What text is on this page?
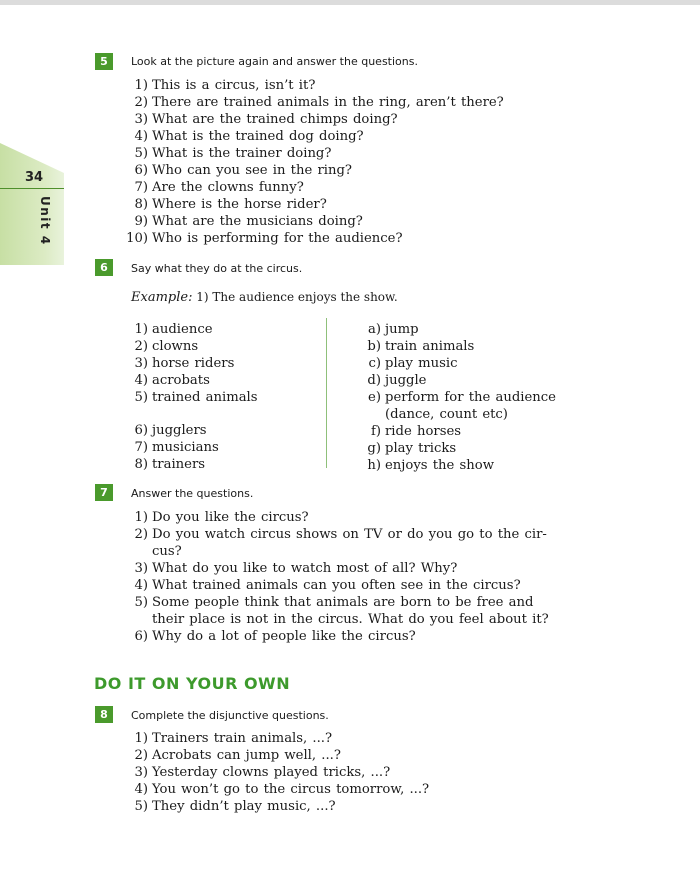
34
Unit 4
5	Look at the picture again and answer the questions.
1) This is a circus, isn’t it?
2) There are trained animals in the ring, aren’t there?
3) What are the trained chimps doing?
4) What is the trained dog doing?
5) What is the trainer doing?
6) Who can you see in the ring?
7) Are the clowns funny?
8) Where is the horse rider?
9) What are the musicians doing?
10) Who is performing for the audience?
6	Say what they do at the circus.
Example: 1) The audience enjoys the show.
1) audience
2) clowns
3) horse riders
4) acrobats
5) trained animals
6) jugglers
7) musicians
8) trainers
a) jump
b) train animals
c) play music
d) juggle
e) perform for the audience
(dance, count etc)
f) ride horses
g) play tricks
h) enjoys the show
7	Answer the questions.
1) Do you like the circus?
2) Do you watch circus shows on TV or do you go to the cir-
cus?
3) What do you like to watch most of all? Why?
4) What trained animals can you often see in the circus?
5) Some people think that animals are born to be free and
their place is not in the circus. What do you feel about it?
6) Why do a lot of people like the circus?
DO IT ON YOUR OWN
8	Complete the disjunctive questions.
1) Trainers train animals, ...?
2) Acrobats can jump well, ...?
3) Yesterday clowns played tricks, ...?
4) You won’t go to the circus tomorrow, ...?
5) They didn’t play music, ...?
